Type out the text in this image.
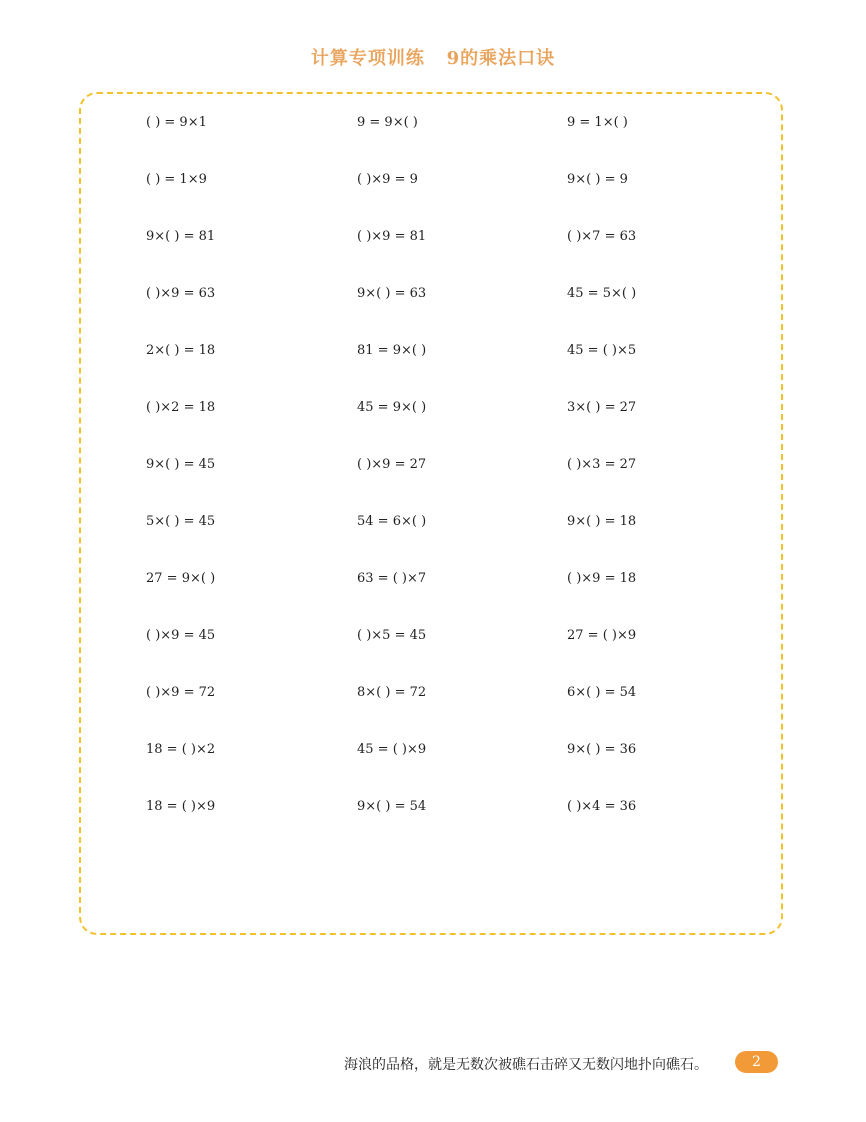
计算专项训练   9的乘法口诀
( ) = 9×1	9 = 9×( )	9 = 1×( )
( ) = 1×9	( )×9 = 9	9×( ) = 9
9×( ) = 81	( )×9 = 81	( )×7 = 63
( )×9 = 63	9×( ) = 63	45 = 5×( )
2×( ) = 18	81 = 9×( )	45 = ( )×5
( )×2 = 18	45 = 9×( )	3×( ) = 27
9×( ) = 45	( )×9 = 27	( )×3 = 27
5×( ) = 45	54 = 6×( )	9×( ) = 18
27 = 9×( )	63 = ( )×7	( )×9 = 18
( )×9 = 45	( )×5 = 45	27 = ( )×9
( )×9 = 72	8×( ) = 72	6×( ) = 54
18 = ( )×2	45 = ( )×9	9×( ) = 36
18 = ( )×9	9×( ) = 54	( )×4 = 36
海浪的品格，就是无数次被礁石击碎又无数闪地扑向礁石。	2
